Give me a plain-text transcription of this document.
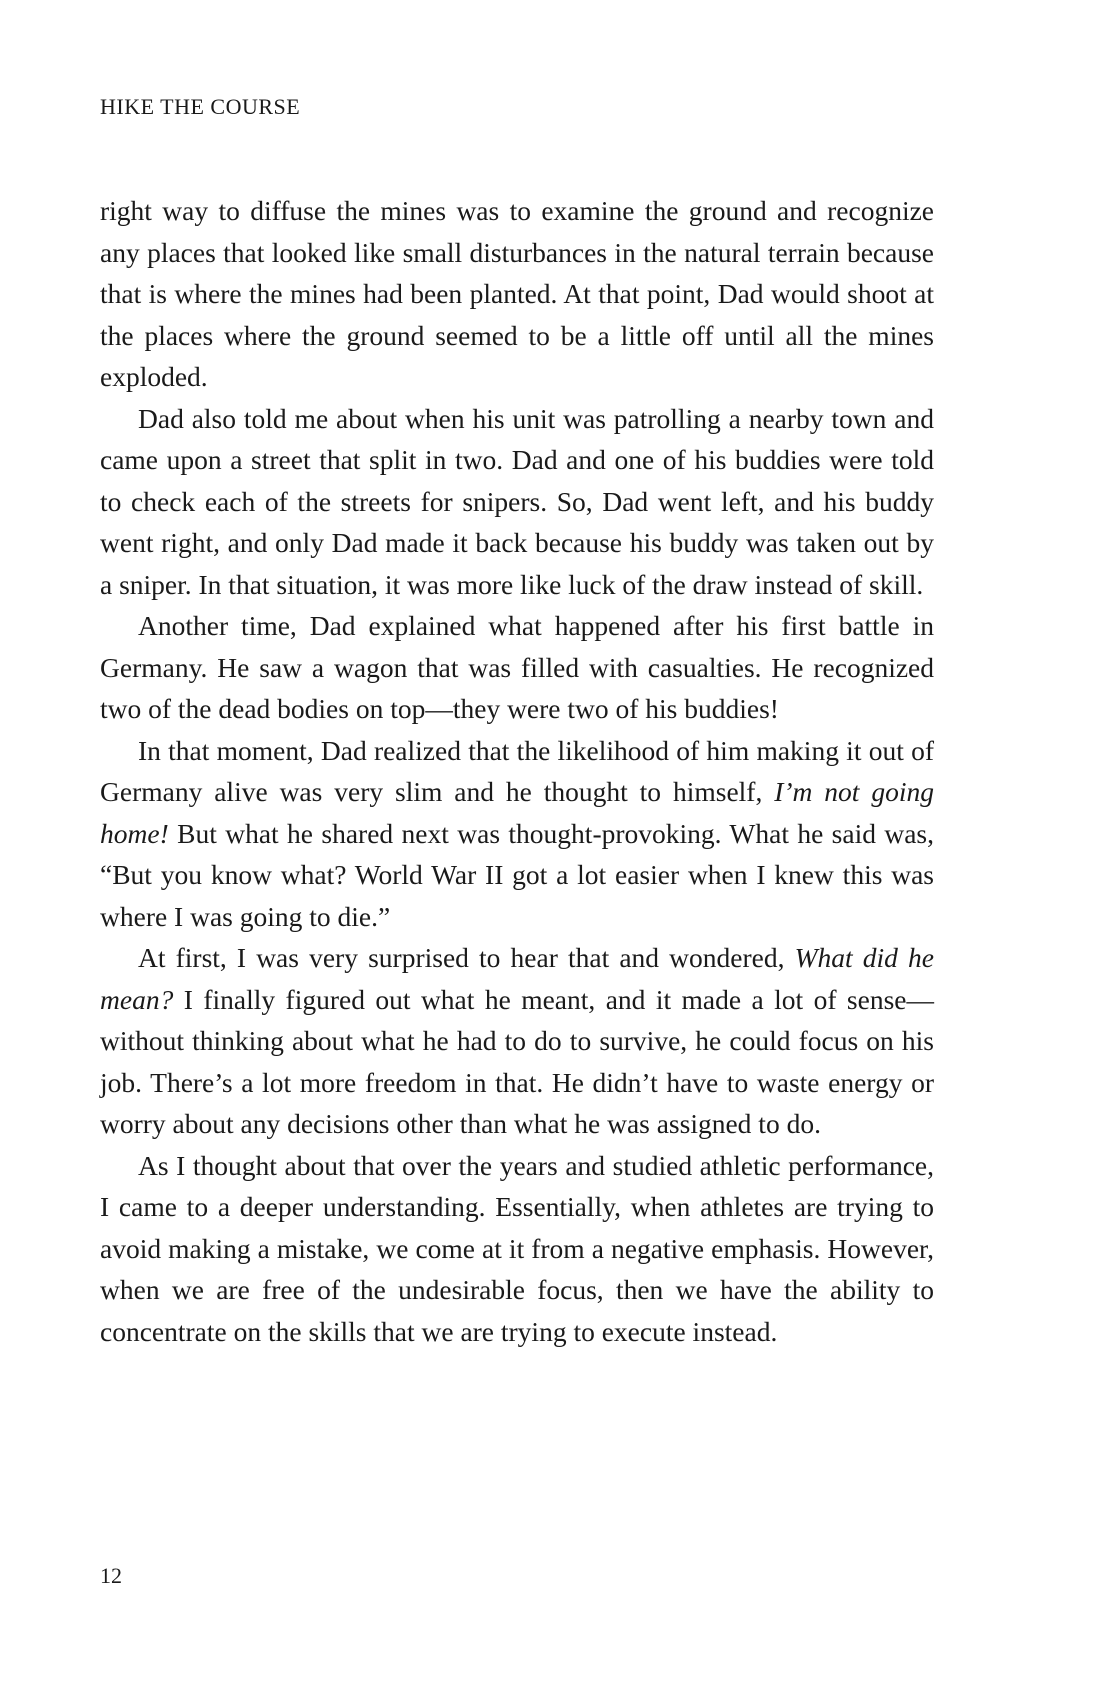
HIKE THE COURSE

right way to diffuse the mines was to examine the ground and recognize any places that looked like small disturbances in the natural terrain because that is where the mines had been planted. At that point, Dad would shoot at the places where the ground seemed to be a little off until all the mines exploded.

Dad also told me about when his unit was patrolling a nearby town and came upon a street that split in two. Dad and one of his buddies were told to check each of the streets for snipers. So, Dad went left, and his buddy went right, and only Dad made it back because his buddy was taken out by a sniper. In that situation, it was more like luck of the draw instead of skill.

Another time, Dad explained what happened after his first battle in Germany. He saw a wagon that was filled with casualties. He recognized two of the dead bodies on top—they were two of his buddies!

In that moment, Dad realized that the likelihood of him making it out of Germany alive was very slim and he thought to himself, I’m not going home! But what he shared next was thought-provoking. What he said was, “But you know what? World War II got a lot easier when I knew this was where I was going to die.”

At first, I was very surprised to hear that and wondered, What did he mean? I finally figured out what he meant, and it made a lot of sense—without thinking about what he had to do to survive, he could focus on his job. There’s a lot more freedom in that. He didn’t have to waste energy or worry about any decisions other than what he was assigned to do.

As I thought about that over the years and studied athletic performance, I came to a deeper understanding. Essentially, when athletes are trying to avoid making a mistake, we come at it from a negative emphasis. However, when we are free of the undesirable focus, then we have the ability to concentrate on the skills that we are trying to execute instead.

12
